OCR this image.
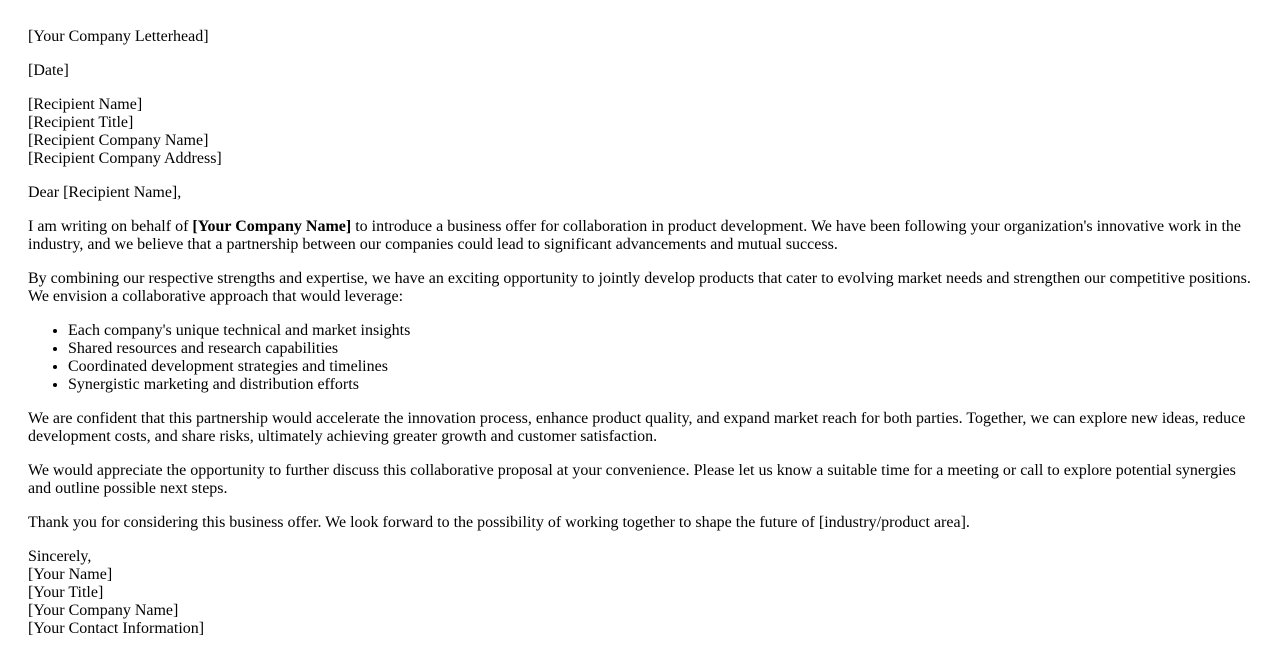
[Your Company Letterhead]

[Date]

[Recipient Name]
[Recipient Title]
[Recipient Company Name]
[Recipient Company Address]

Dear [Recipient Name],

I am writing on behalf of [Your Company Name] to introduce a business offer for collaboration in product development. We have been following your organization's innovative work in the industry, and we believe that a partnership between our companies could lead to significant advancements and mutual success.

By combining our respective strengths and expertise, we have an exciting opportunity to jointly develop products that cater to evolving market needs and strengthen our competitive positions. We envision a collaborative approach that would leverage:

• Each company's unique technical and market insights
• Shared resources and research capabilities
• Coordinated development strategies and timelines
• Synergistic marketing and distribution efforts

We are confident that this partnership would accelerate the innovation process, enhance product quality, and expand market reach for both parties. Together, we can explore new ideas, reduce development costs, and share risks, ultimately achieving greater growth and customer satisfaction.

We would appreciate the opportunity to further discuss this collaborative proposal at your convenience. Please let us know a suitable time for a meeting or call to explore potential synergies and outline possible next steps.

Thank you for considering this business offer. We look forward to the possibility of working together to shape the future of [industry/product area].

Sincerely,
[Your Name]
[Your Title]
[Your Company Name]
[Your Contact Information]
